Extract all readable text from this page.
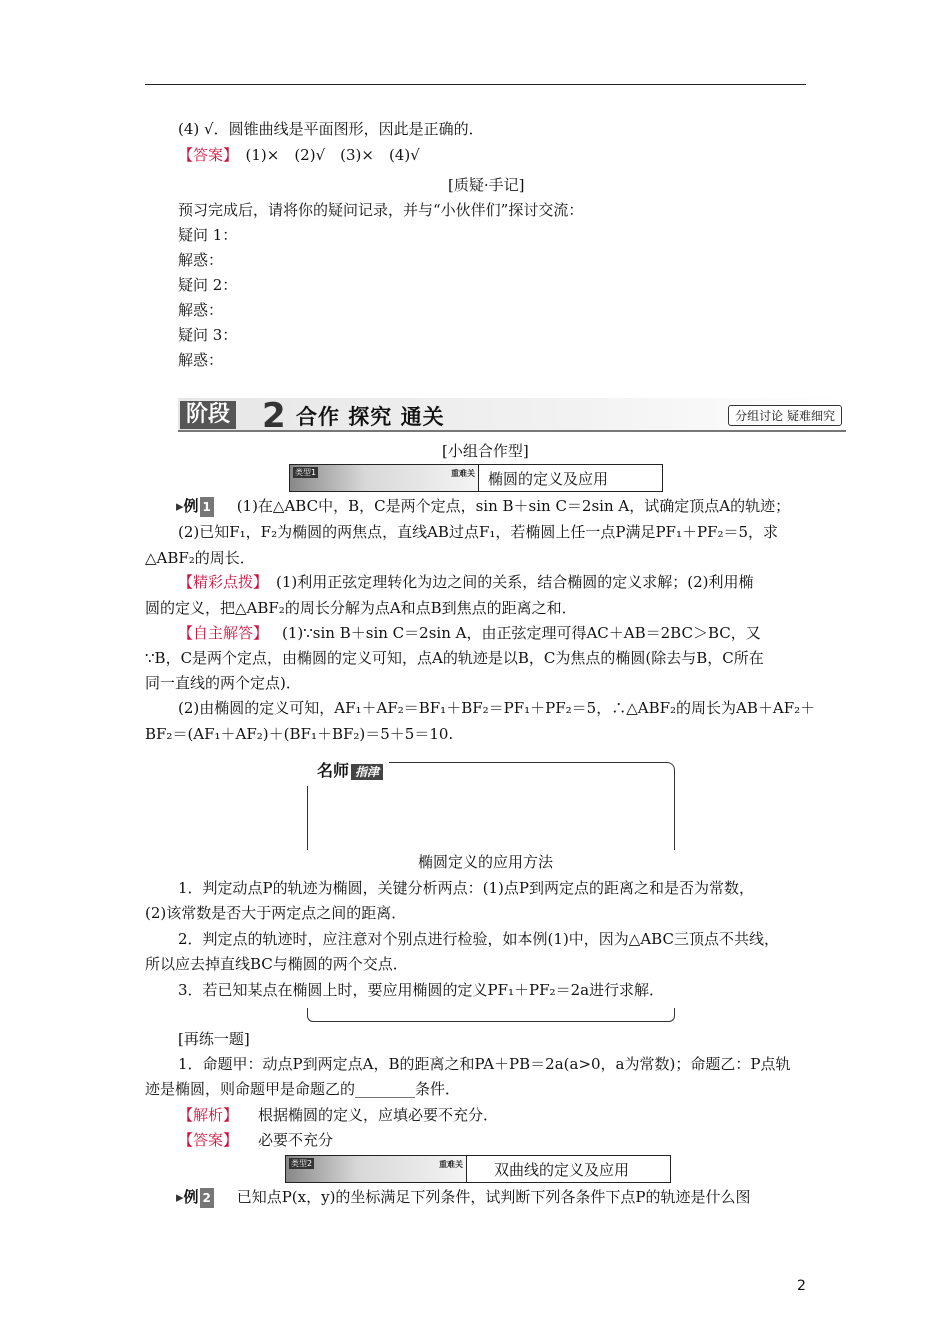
(4) √．圆锥曲线是平面图形，因此是正确的．
【答案】　(1)×　(2)√　(3)×　(4)√
[质疑·手记]
预习完成后，请将你的疑问记录，并与“小伙伴们”探讨交流：
疑问 1：
解惑：
疑问 2：
解惑：
疑问 3：
解惑：
阶段 2 合作 探究 通关	分组讨论 疑难细究
[小组合作型]
类型1	重难关 椭圆的定义及应用
▸例 1 (1)在△ABC中，B，C是两个定点，sin B＋sin C＝2sin A，试确定顶点A的轨迹；
(2)已知F₁，F₂为椭圆的两焦点，直线AB过点F₁，若椭圆上任一点P满足PF₁＋PF₂＝5，求
△ABF₂的周长．
【精彩点拨】 (1)利用正弦定理转化为边之间的关系，结合椭圆的定义求解；(2)利用椭
圆的定义，把△ABF₂的周长分解为点A和点B到焦点的距离之和．
【自主解答】 (1)∵sin B＋sin C＝2sin A，由正弦定理可得AC＋AB＝2BC＞BC，又
∵B，C是两个定点，由椭圆的定义可知，点A的轨迹是以B，C为焦点的椭圆(除去与B，C所在
同一直线的两个定点)．
(2)由椭圆的定义可知，AF₁＋AF₂＝BF₁＋BF₂＝PF₁＋PF₂＝5，∴△ABF₂的周长为AB＋AF₂＋
BF₂＝(AF₁＋AF₂)＋(BF₁＋BF₂)＝5＋5＝10.
名师 指津
椭圆定义的应用方法
1．判定动点P的轨迹为椭圆，关键分析两点：(1)点P到两定点的距离之和是否为常数，
(2)该常数是否大于两定点之间的距离．
2．判定点的轨迹时，应注意对个别点进行检验，如本例(1)中，因为△ABC三顶点不共线，
所以应去掉直线BC与椭圆的两个交点．
3．若已知某点在椭圆上时，要应用椭圆的定义PF₁＋PF₂＝2a进行求解．
[再练一题]
1．命题甲：动点P到两定点A，B的距离之和PA＋PB＝2a(a>0，a为常数)；命题乙：P点轨
迹是椭圆，则命题甲是命题乙的________条件．
【解析】 根据椭圆的定义，应填必要不充分．
【答案】 必要不充分
类型2	重难关 双曲线的定义及应用
▸例 2 已知点P(x，y)的坐标满足下列条件，试判断下列各条件下点P的轨迹是什么图
2
